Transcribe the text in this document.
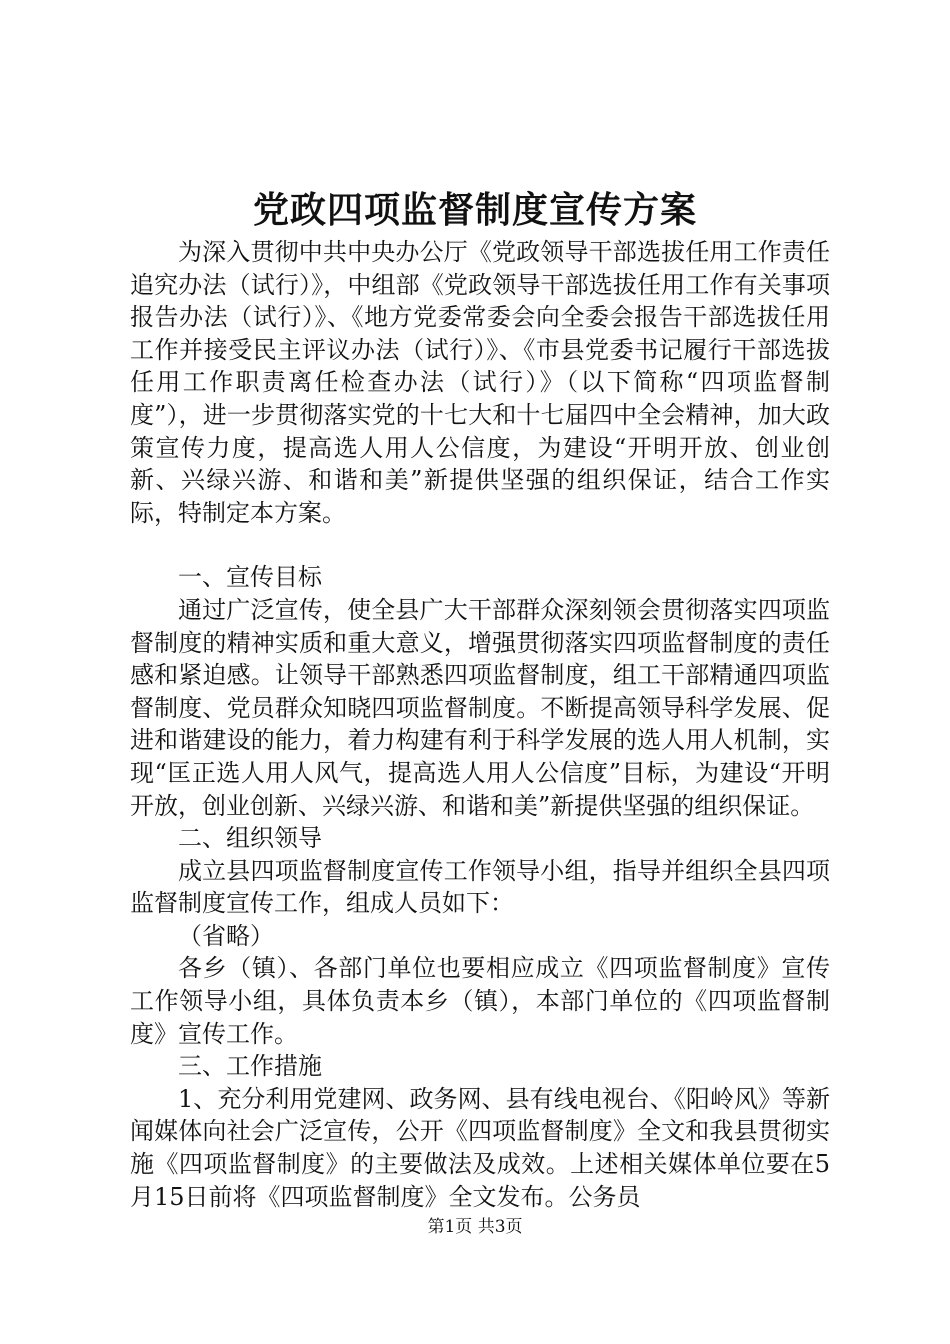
党政四项监督制度宣传方案

为深入贯彻中共中央办公厅《党政领导干部选拔任用工作责任追究办法（试行）》，中组部《党政领导干部选拔任用工作有关事项报告办法（试行）》、《地方党委常委会向全委会报告干部选拔任用工作并接受民主评议办法（试行）》、《市县党委书记履行干部选拔任用工作职责离任检查办法（试行）》（以下简称“四项监督制度”），进一步贯彻落实党的十七大和十七届四中全会精神，加大政策宣传力度，提高选人用人公信度，为建设“开明开放、创业创新、兴绿兴游、和谐和美”新提供坚强的组织保证，结合工作实际，特制定本方案。

一、宣传目标

通过广泛宣传，使全县广大干部群众深刻领会贯彻落实四项监督制度的精神实质和重大意义，增强贯彻落实四项监督制度的责任感和紧迫感。让领导干部熟悉四项监督制度，组工干部精通四项监督制度、党员群众知晓四项监督制度。不断提高领导科学发展、促进和谐建设的能力，着力构建有利于科学发展的选人用人机制，实现“匡正选人用人风气，提高选人用人公信度”目标，为建设“开明开放，创业创新、兴绿兴游、和谐和美”新提供坚强的组织保证。

二、组织领导

成立县四项监督制度宣传工作领导小组，指导并组织全县四项监督制度宣传工作，组成人员如下：

（省略）

各乡（镇）、各部门单位也要相应成立《四项监督制度》宣传工作领导小组，具体负责本乡（镇），本部门单位的《四项监督制度》宣传工作。

三、工作措施

1、充分利用党建网、政务网、县有线电视台、《阳岭风》等新闻媒体向社会广泛宣传，公开《四项监督制度》全文和我县贯彻实施《四项监督制度》的主要做法及成效。上述相关媒体单位要在5月15日前将《四项监督制度》全文发布。公务员

第1页 共3页
